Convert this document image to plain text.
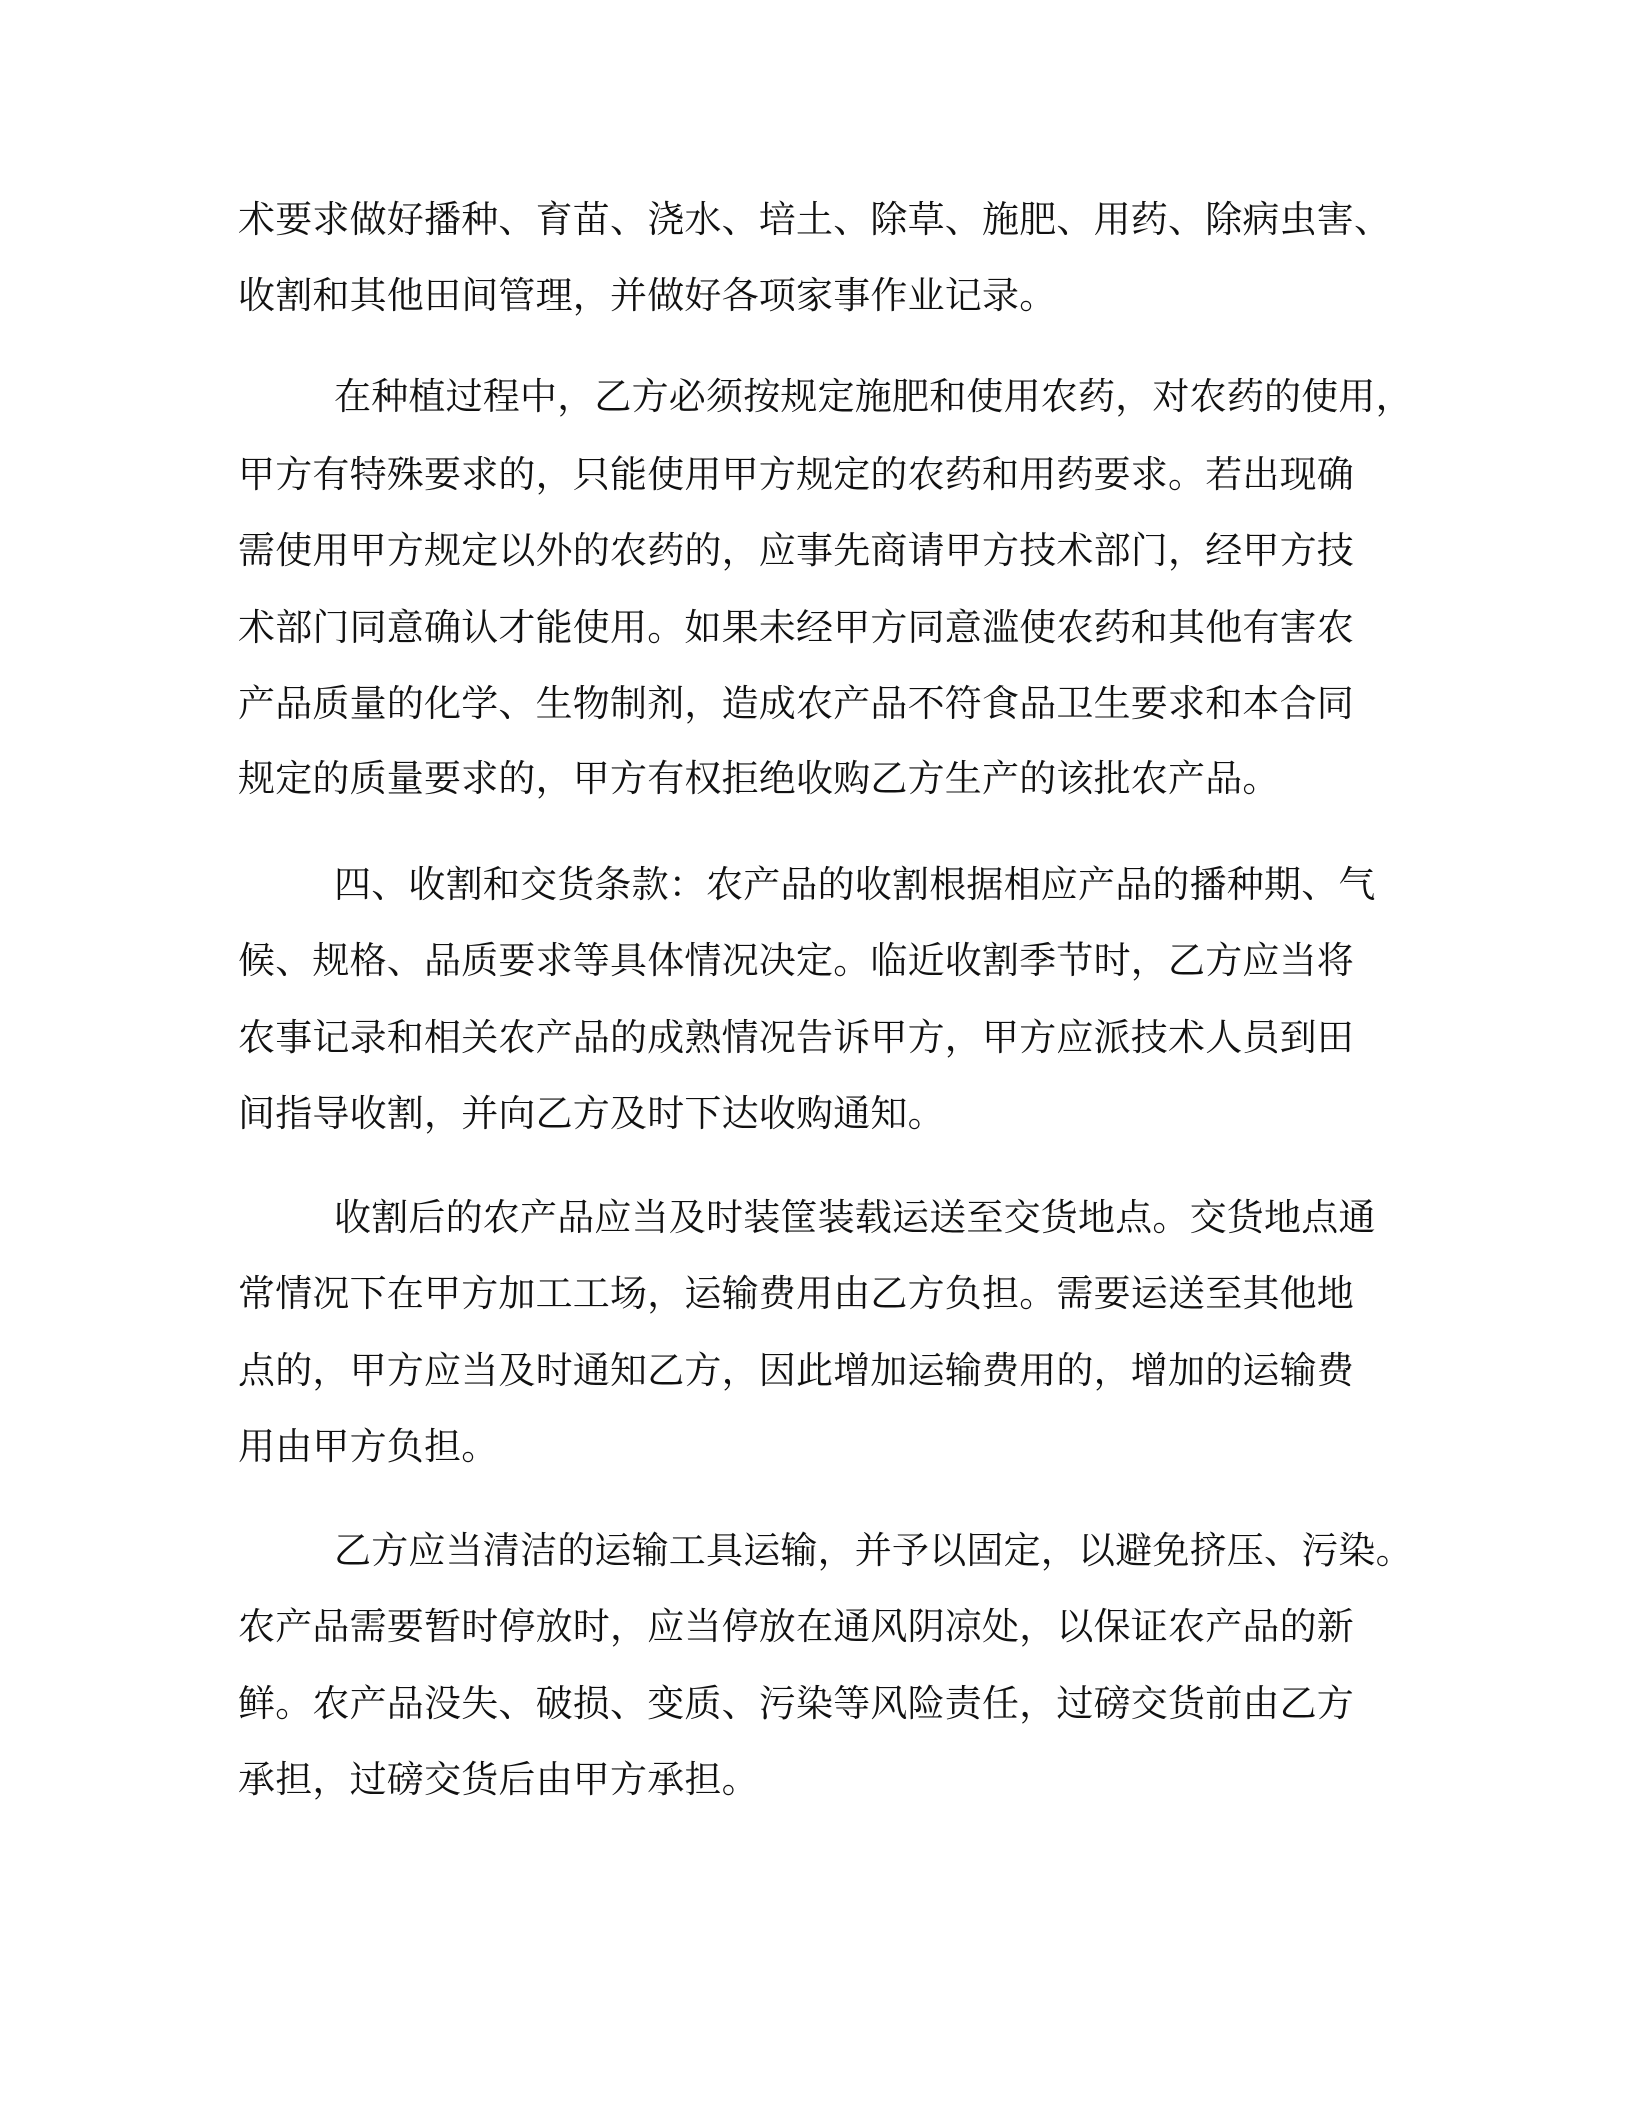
术要求做好播种、育苗、浇水、培土、除草、施肥、用药、除病虫害、

收割和其他田间管理，并做好各项家事作业记录。

在种植过程中，乙方必须按规定施肥和使用农药，对农药的使用，

甲方有特殊要求的，只能使用甲方规定的农药和用药要求。若出现确

需使用甲方规定以外的农药的，应事先商请甲方技术部门，经甲方技

术部门同意确认才能使用。如果未经甲方同意滥使农药和其他有害农

产品质量的化学、生物制剂，造成农产品不符食品卫生要求和本合同

规定的质量要求的，甲方有权拒绝收购乙方生产的该批农产品。

四、收割和交货条款：农产品的收割根据相应产品的播种期、气

候、规格、品质要求等具体情况决定。临近收割季节时，乙方应当将

农事记录和相关农产品的成熟情况告诉甲方，甲方应派技术人员到田

间指导收割，并向乙方及时下达收购通知。

收割后的农产品应当及时装筐装载运送至交货地点。交货地点通

常情况下在甲方加工工场，运输费用由乙方负担。需要运送至其他地

点的，甲方应当及时通知乙方，因此增加运输费用的，增加的运输费

用由甲方负担。

乙方应当清洁的运输工具运输，并予以固定，以避免挤压、污染。

农产品需要暂时停放时，应当停放在通风阴凉处，以保证农产品的新

鲜。农产品没失、破损、变质、污染等风险责任，过磅交货前由乙方

承担，过磅交货后由甲方承担。
